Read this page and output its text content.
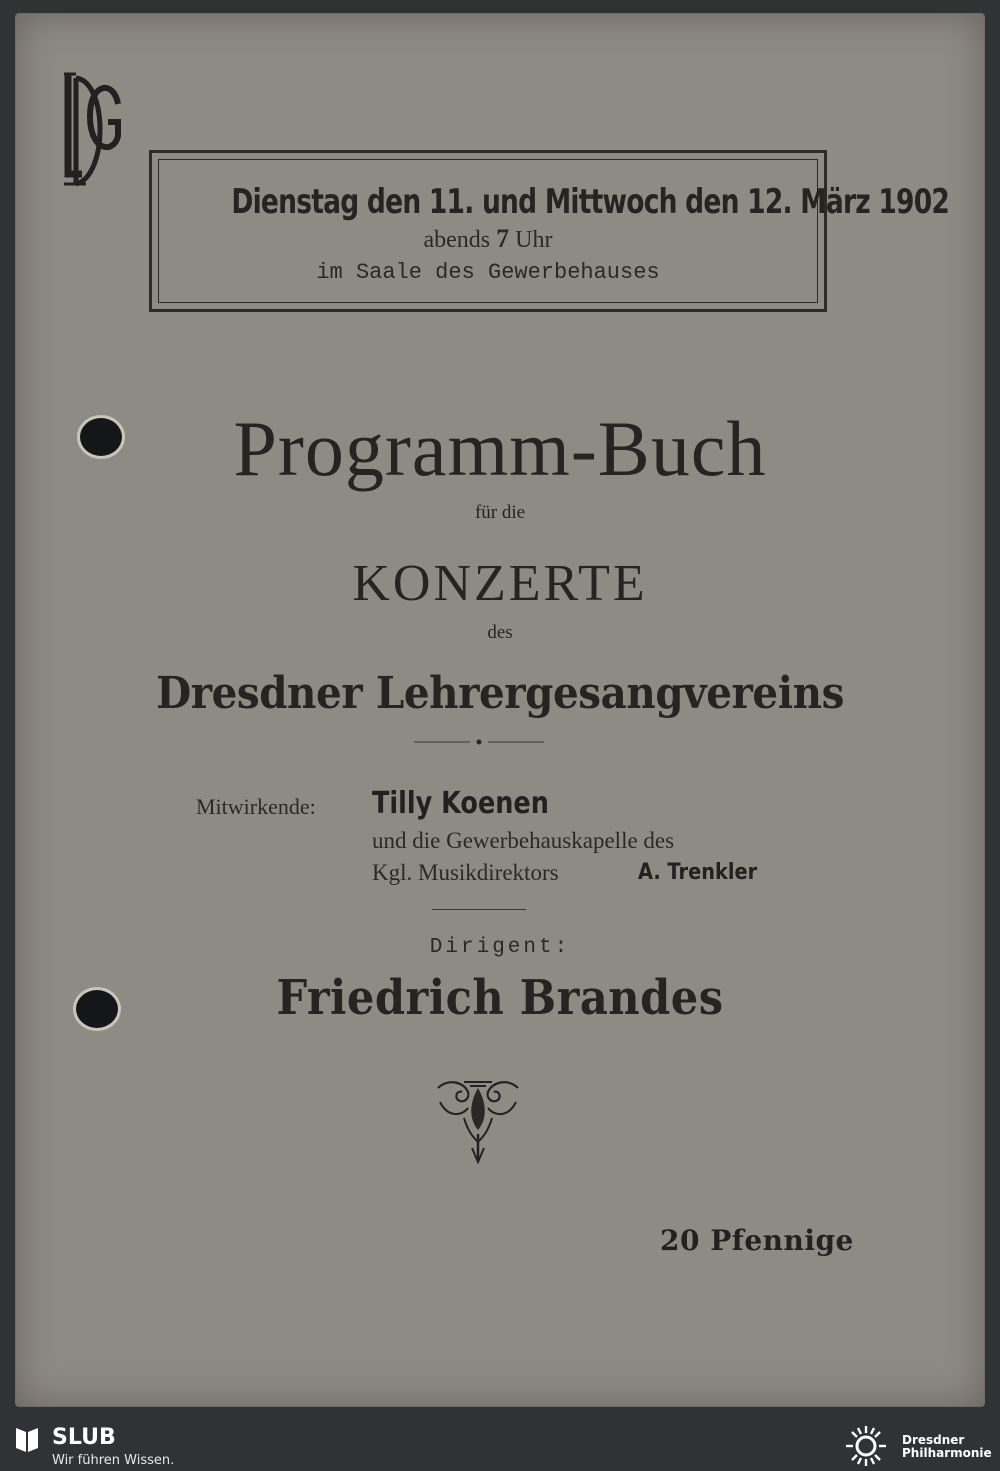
Dienstag den 11. und Mittwoch den 12. März 1902
abends 7 Uhr
im Saale des Gewerbehauses
Programm-Buch
für die
KONZERTE
des
Dresdner Lehrergesangvereins
Mitwirkende: Tilly Koenen
und die Gewerbehauskapelle des
Kgl. Musikdirektors	A. Trenkler
Dirigent:
Friedrich Brandes
20 Pfennige
SLUB
Wir führen Wissen.
Dresdner
Philharmonie
